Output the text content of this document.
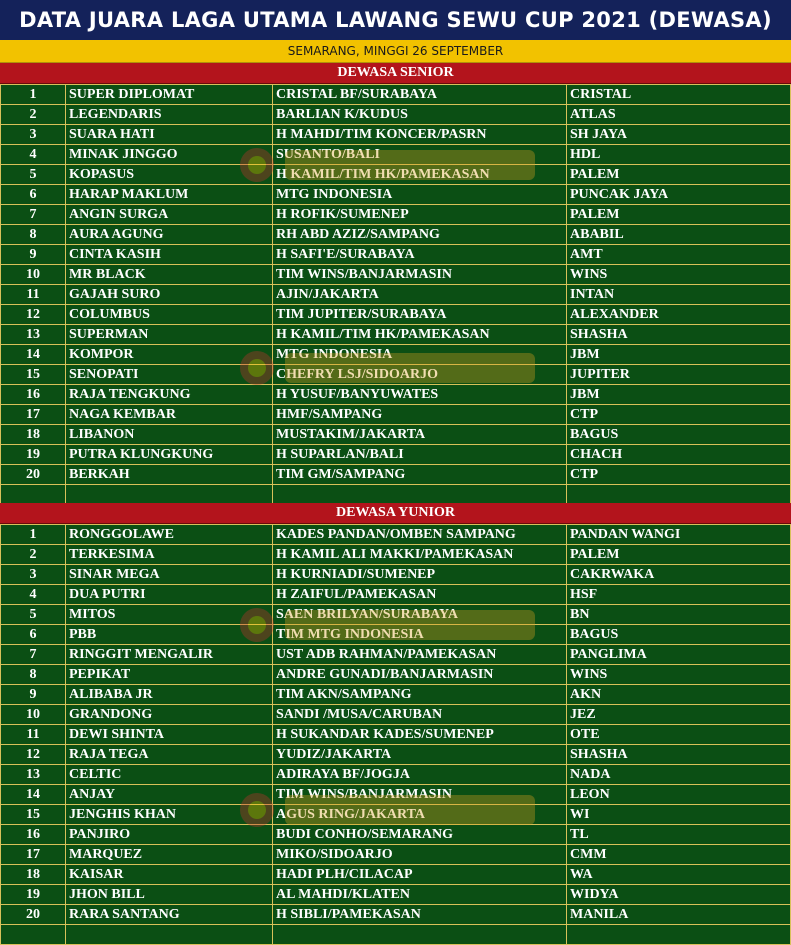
DATA JUARA LAGA UTAMA LAWANG SEWU CUP 2021 (DEWASA)
SEMARANG, MINGGI 26 SEPTEMBER
DEWASA SENIOR
1	SUPER DIPLOMAT	CRISTAL BF/SURABAYA	CRISTAL
2	LEGENDARIS	BARLIAN K/KUDUS	ATLAS
3	SUARA HATI	H MAHDI/TIM KONCER/PASRN	SH JAYA
4	MINAK JINGGO	SUSANTO/BALI	HDL
5	KOPASUS	H KAMIL/TIM HK/PAMEKASAN	PALEM
6	HARAP MAKLUM	MTG INDONESIA	PUNCAK JAYA
7	ANGIN SURGA	H ROFIK/SUMENEP	PALEM
8	AURA AGUNG	RH ABD AZIZ/SAMPANG	ABABIL
9	CINTA KASIH	H SAFI'E/SURABAYA	AMT
10	MR BLACK	TIM WINS/BANJARMASIN	WINS
11	GAJAH SURO	AJIN/JAKARTA	INTAN
12	COLUMBUS	TIM JUPITER/SURABAYA	ALEXANDER
13	SUPERMAN	H KAMIL/TIM HK/PAMEKASAN	SHASHA
14	KOMPOR	MTG INDONESIA	JBM
15	SENOPATI	CHEFRY LSJ/SIDOARJO	JUPITER
16	RAJA TENGKUNG	H YUSUF/BANYUWATES	JBM
17	NAGA KEMBAR	HMF/SAMPANG	CTP
18	LIBANON	MUSTAKIM/JAKARTA	BAGUS
19	PUTRA KLUNGKUNG	H SUPARLAN/BALI	CHACH
20	BERKAH	TIM GM/SAMPANG	CTP

DEWASA YUNIOR
1	RONGGOLAWE	KADES PANDAN/OMBEN SAMPANG	PANDAN WANGI
2	TERKESIMA	H KAMIL ALI MAKKI/PAMEKASAN	PALEM
3	SINAR MEGA	H KURNIADI/SUMENEP	CAKRWAKA
4	DUA PUTRI	H ZAIFUL/PAMEKASAN	HSF
5	MITOS	SAEN BRILYAN/SURABAYA	BN
6	PBB	TIM MTG INDONESIA	BAGUS
7	RINGGIT MENGALIR	UST ADB RAHMAN/PAMEKASAN	PANGLIMA
8	PEPIKAT	ANDRE GUNADI/BANJARMASIN	WINS
9	ALIBABA JR	TIM AKN/SAMPANG	AKN
10	GRANDONG	SANDI /MUSA/CARUBAN	JEZ
11	DEWI SHINTA	H SUKANDAR KADES/SUMENEP	OTE
12	RAJA TEGA	YUDIZ/JAKARTA	SHASHA
13	CELTIC	ADIRAYA BF/JOGJA	NADA
14	ANJAY	TIM WINS/BANJARMASIN	LEON
15	JENGHIS KHAN	AGUS RING/JAKARTA	WI
16	PANJIRO	BUDI CONHO/SEMARANG	TL
17	MARQUEZ	MIKO/SIDOARJO	CMM
18	KAISAR	HADI PLH/CILACAP	WA
19	JHON BILL	AL MAHDI/KLATEN	WIDYA
20	RARA SANTANG	H SIBLI/PAMEKASAN	MANILA
